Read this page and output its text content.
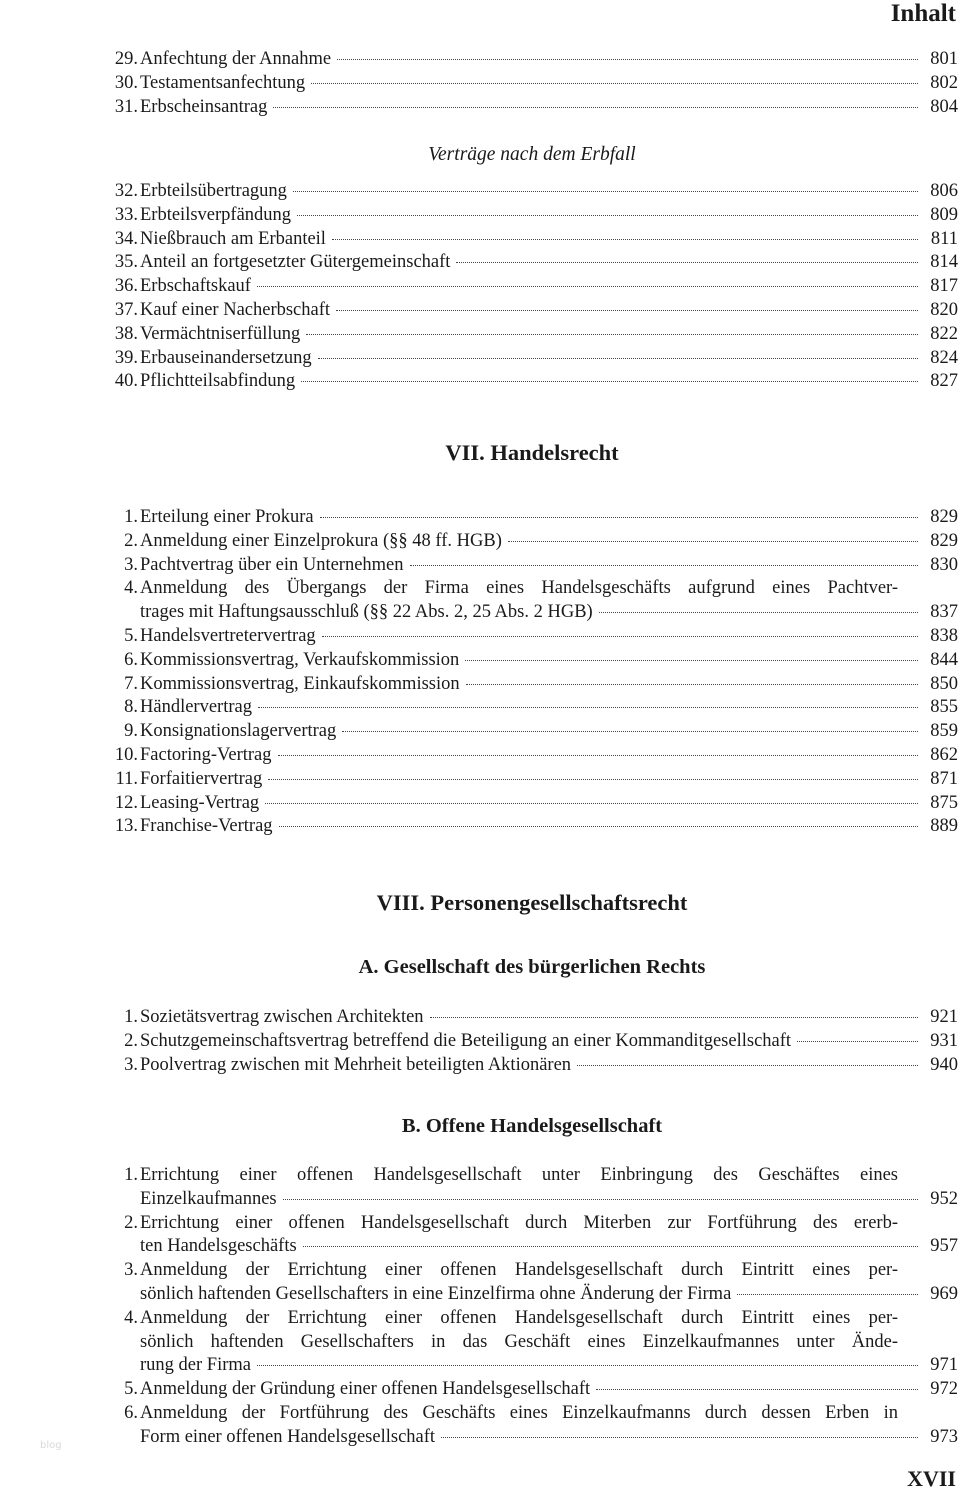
Inhalt
29. Anfechtung der Annahme	801
30. Testamentsanfechtung	802
31. Erbscheinsantrag	804
Verträge nach dem Erbfall
32. Erbteilsübertragung	806
33. Erbteilsverpfändung	809
34. Nießbrauch am Erbanteil	811
35. Anteil an fortgesetzter Gütergemeinschaft	814
36. Erbschaftskauf	817
37. Kauf einer Nacherbschaft	820
38. Vermächtniserfüllung	822
39. Erbauseinandersetzung	824
40. Pflichtteilsabfindung	827
VII. Handelsrecht
1. Erteilung einer Prokura	829
2. Anmeldung einer Einzelprokura (§§ 48 ff. HGB)	829
3. Pachtvertrag über ein Unternehmen	830
4. Anmeldung des Übergangs der Firma eines Handelsgeschäfts aufgrund eines Pachtver-
trages mit Haftungsausschluß (§§ 22 Abs. 2, 25 Abs. 2 HGB)	837
5. Handelsvertretervertrag	838
6. Kommissionsvertrag, Verkaufskommission	844
7. Kommissionsvertrag, Einkaufskommission	850
8. Händlervertrag	855
9. Konsignationslagervertrag	859
10. Factoring-Vertrag	862
11. Forfaitiervertrag	871
12. Leasing-Vertrag	875
13. Franchise-Vertrag	889
VIII. Personengesellschaftsrecht
A. Gesellschaft des bürgerlichen Rechts
1. Sozietätsvertrag zwischen Architekten	921
2. Schutzgemeinschaftsvertrag betreffend die Beteiligung an einer Kommanditgesellschaft	931
3. Poolvertrag zwischen mit Mehrheit beteiligten Aktionären	940
B. Offene Handelsgesellschaft
1. Errichtung einer offenen Handelsgesellschaft unter Einbringung des Geschäftes eines
Einzelkaufmannes	952
2. Errichtung einer offenen Handelsgesellschaft durch Miterben zur Fortführung des ererb-
ten Handelsgeschäfts	957
3. Anmeldung der Errichtung einer offenen Handelsgesellschaft durch Eintritt eines per-
sönlich haftenden Gesellschafters in eine Einzelfirma ohne Änderung der Firma	969
4. Anmeldung der Errichtung einer offenen Handelsgesellschaft durch Eintritt eines per-
sönlich haftenden Gesellschafters in das Geschäft eines Einzelkaufmannes unter Ände-
rung der Firma	971
5. Anmeldung der Gründung einer offenen Handelsgesellschaft	972
6. Anmeldung der Fortführung des Geschäfts eines Einzelkaufmanns durch dessen Erben in
Form einer offenen Handelsgesellschaft	973
blog
XVII
